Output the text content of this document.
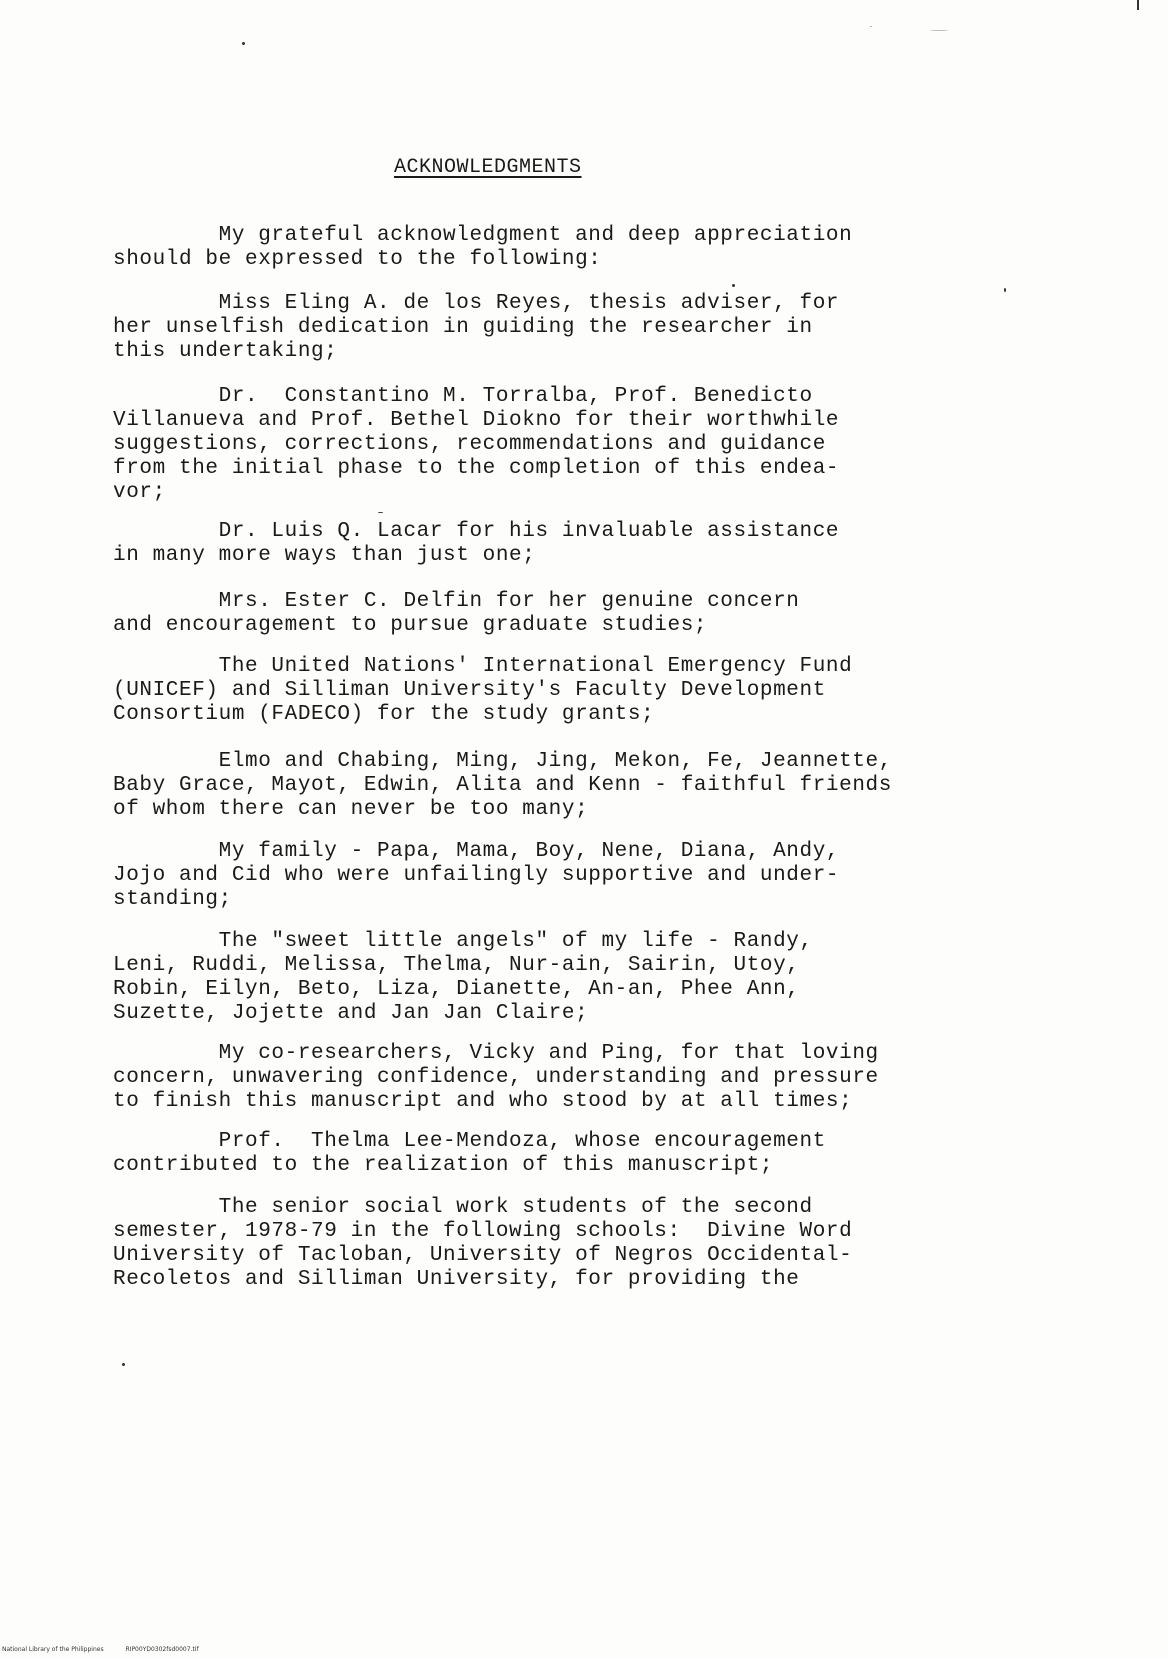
ACKNOWLEDGMENTS
My grateful acknowledgment and deep appreciation
should be expressed to the following:
Miss Eling A. de los Reyes, thesis adviser, for
her unselfish dedication in guiding the researcher in
this undertaking;
Dr.  Constantino M. Torralba, Prof. Benedicto
Villanueva and Prof. Bethel Diokno for their worthwhile
suggestions, corrections, recommendations and guidance
from the initial phase to the completion of this endea-
vor;
Dr. Luis Q. Lacar for his invaluable assistance
in many more ways than just one;
Mrs. Ester C. Delfin for her genuine concern
and encouragement to pursue graduate studies;
The United Nations' International Emergency Fund
(UNICEF) and Silliman University's Faculty Development
Consortium (FADECO) for the study grants;
Elmo and Chabing, Ming, Jing, Mekon, Fe, Jeannette,
Baby Grace, Mayot, Edwin, Alita and Kenn - faithful friends
of whom there can never be too many;
My family - Papa, Mama, Boy, Nene, Diana, Andy,
Jojo and Cid who were unfailingly supportive and under-
standing;
The "sweet little angels" of my life - Randy,
Leni, Ruddi, Melissa, Thelma, Nur-ain, Sairin, Utoy,
Robin, Eilyn, Beto, Liza, Dianette, An-an, Phee Ann,
Suzette, Jojette and Jan Jan Claire;
My co-researchers, Vicky and Ping, for that loving
concern, unwavering confidence, understanding and pressure
to finish this manuscript and who stood by at all times;
Prof.  Thelma Lee-Mendoza, whose encouragement
contributed to the realization of this manuscript;
The senior social work students of the second
semester, 1978-79 in the following schools:  Divine Word
University of Tacloban, University of Negros Occidental-
Recoletos and Silliman University, for providing the
National Library of the Philippines	RIP00YD0302fsd0007.tif
